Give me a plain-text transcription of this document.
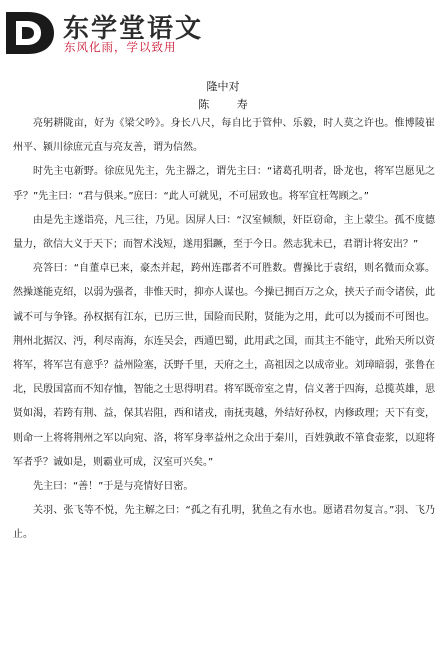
东学堂语文
东风化雨，学以致用
隆中对
陈 寿

亮躬耕陇亩，好为《梁父吟》。身长八尺，每自比于管仲、乐毅，时人莫之许也。惟博陵崔州平、颍川徐庶元直与亮友善，谓为信然。

时先主屯新野。徐庶见先主，先主器之，谓先主曰：“诸葛孔明者，卧龙也，将军岂愿见之乎？”先主曰：“君与俱来。”庶曰：“此人可就见，不可屈致也。将军宜枉驾顾之。”

由是先主遂诣亮，凡三往，乃见。因屏人曰：“汉室倾颓，奸臣窃命，主上蒙尘。孤不度德量力，欲信大义于天下；而智术浅短，遂用猖蹶，至于今日。然志犹未已，君谓计将安出？”

亮答曰：“自董卓已来，豪杰并起，跨州连郡者不可胜数。曹操比于袁绍，则名微而众寡。然操遂能克绍，以弱为强者，非惟天时，抑亦人谋也。今操已拥百万之众，挟天子而令诸侯，此诚不可与争锋。孙权据有江东，已历三世，国险而民附，贤能为之用，此可以为援而不可图也。荆州北据汉、沔，利尽南海，东连吴会，西通巴蜀，此用武之国，而其主不能守，此殆天所以资将军，将军岂有意乎？益州险塞，沃野千里，天府之土，高祖因之以成帝业。刘璋暗弱，张鲁在北，民殷国富而不知存恤，智能之士思得明君。将军既帝室之胄，信义著于四海，总揽英雄，思贤如渴，若跨有荆、益，保其岩阻，西和诸戎，南抚夷越，外结好孙权，内修政理；天下有变，则命一上将将荆州之军以向宛、洛，将军身率益州之众出于秦川，百姓孰敢不箪食壶浆，以迎将军者乎？诚如是，则霸业可成，汉室可兴矣。”

先主曰：“善！”于是与亮情好日密。

关羽、张飞等不悦，先主解之曰：“孤之有孔明，犹鱼之有水也。愿诸君勿复言。”羽、飞乃止。
